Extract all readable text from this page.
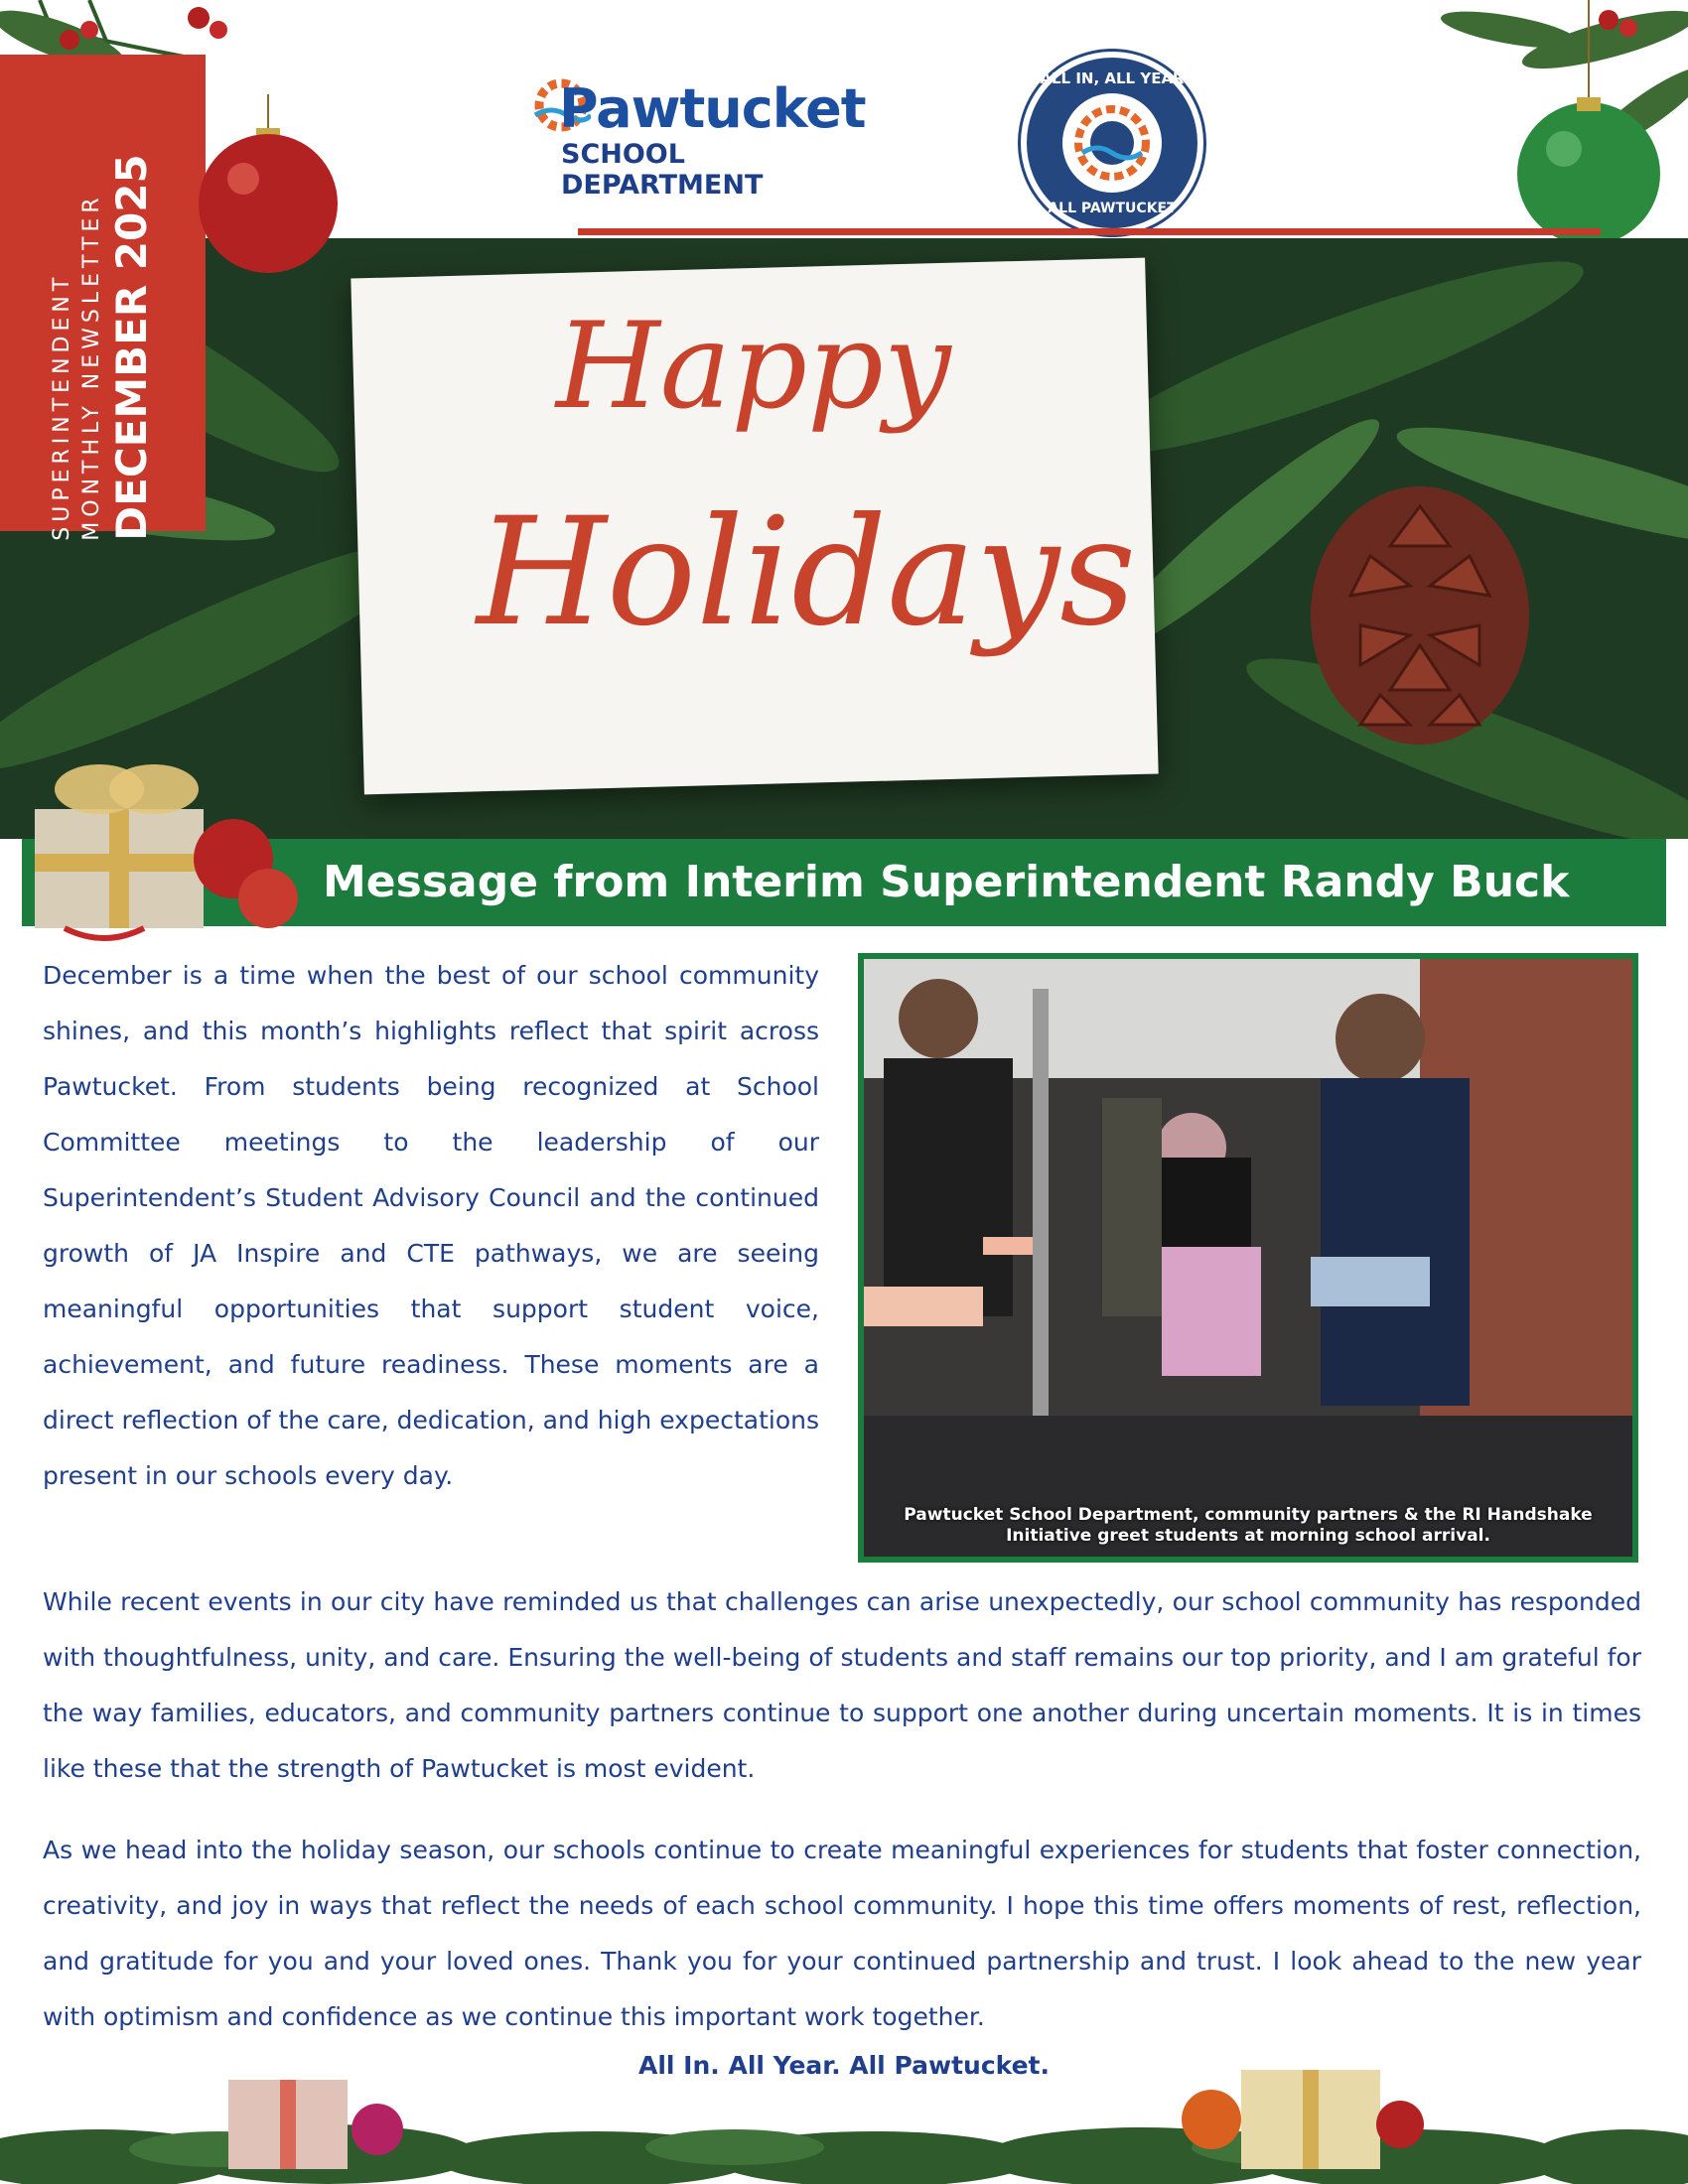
SUPERINTENDENT MONTHLY NEWSLETTER DECEMBER 2025
Pawtucket
SCHOOL DEPARTMENT
ALL IN, ALL YEAR
ALL PAWTUCKET
Happy
Holidays
Message from Interim Superintendent Randy Buck

December is a time when the best of our school community shines, and this month’s highlights reflect that spirit across Pawtucket. From students being recognized at School Committee meetings to the leadership of our Superintendent’s Student Advisory Council and the continued growth of JA Inspire and CTE pathways, we are seeing meaningful opportunities that support student voice, achievement, and future readiness. These moments are a direct reflection of the care, dedication, and high expectations present in our schools every day.

Pawtucket School Department, community partners & the RI Handshake
Initiative greet students at morning school arrival.

While recent events in our city have reminded us that challenges can arise unexpectedly, our school community has responded with thoughtfulness, unity, and care. Ensuring the well-being of students and staff remains our top priority, and I am grateful for the way families, educators, and community partners continue to support one another during uncertain moments. It is in times like these that the strength of Pawtucket is most evident.

As we head into the holiday season, our schools continue to create meaningful experiences for students that foster connection, creativity, and joy in ways that reflect the needs of each school community. I hope this time offers moments of rest, reflection, and gratitude for you and your loved ones. Thank you for your continued partnership and trust. I look ahead to the new year with optimism and confidence as we continue this important work together.

All In. All Year. All Pawtucket.
